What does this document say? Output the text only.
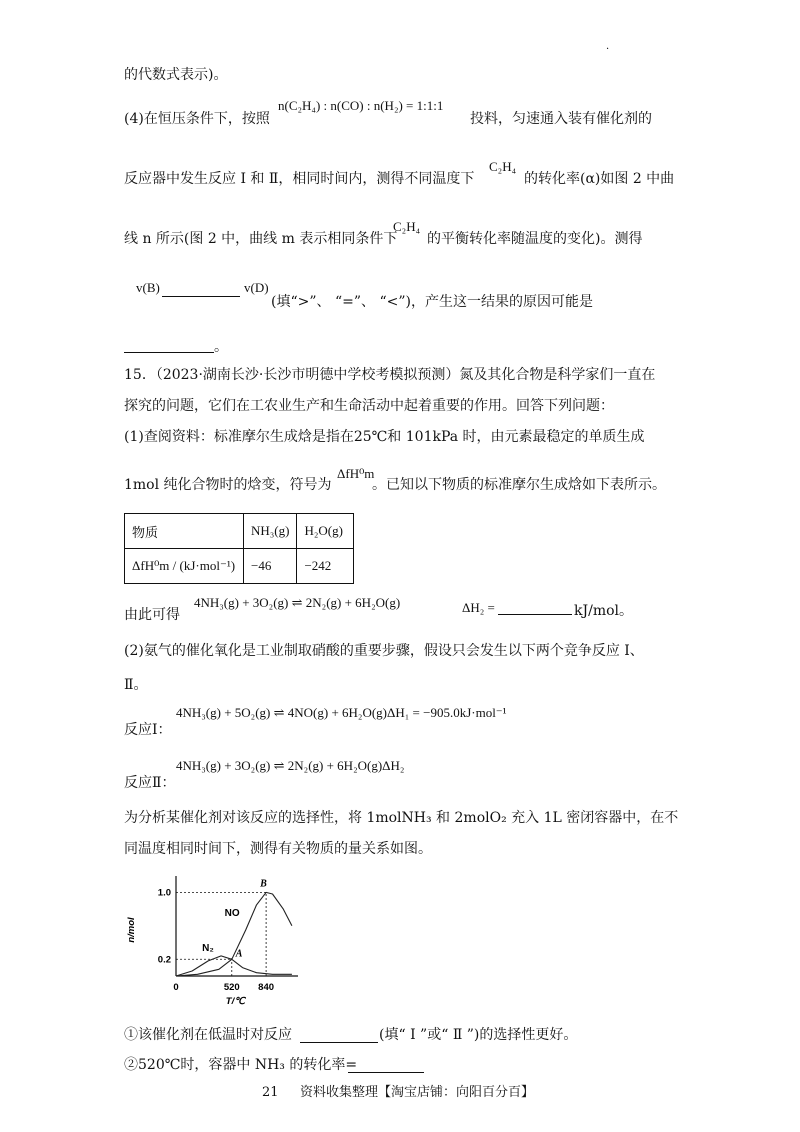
·
的代数式表示)。
(4)在恒压条件下，按照
n(C₂H₄) : n(CO) : n(H₂) = 1:1:1
投料，匀速通入装有催化剂的
反应器中发生反应 Ⅰ 和 Ⅱ，相同时间内，测得不同温度下
C₂H₄
的转化率(α)如图 2 中曲
线 n 所示(图 2 中，曲线 m 表示相同条件下
C₂H₄
的平衡转化率随温度的变化)。测得
v(B)	v(D)
(填“>”、 “=”、 “<”)，产生这一结果的原因可能是
。
15．（2023·湖南长沙·长沙市明德中学校考模拟预测）氮及其化合物是科学家们一直在
探究的问题，它们在工农业生产和生命活动中起着重要的作用。回答下列问题：
(1)查阅资料：标准摩尔生成焓是指在25℃和 101kPa 时，由元素最稳定的单质生成
1mol 纯化合物时的焓变，符号为
ΔfH⁰m
。已知以下物质的标准摩尔生成焓如下表所示。
物质	NH₃(g)	H₂O(g)
ΔfH⁰m / (kJ·mol⁻¹)	−46	−242
由此可得
4NH₃(g) + 3O₂(g) ⇌ 2N₂(g) + 6H₂O(g)	ΔH₂ =	kJ/mol。
(2)氨气的催化氧化是工业制取硝酸的重要步骤，假设只会发生以下两个竞争反应 Ⅰ、
Ⅱ。
4NH₃(g) + 5O₂(g) ⇌ 4NO(g) + 6H₂O(g)ΔH₁ = −905.0kJ·mol⁻¹
反应Ⅰ：
4NH₃(g) + 3O₂(g) ⇌ 2N₂(g) + 6H₂O(g)ΔH₂
反应Ⅱ：
为分析某催化剂对该反应的选择性，将 1molNH₃ 和 2molO₂ 充入 1L 密闭容器中，在不
同温度相同时间下，测得有关物质的量关系如图。
NO
N₂ A
B
0	520 840
0.2
1.0
T/℃
n/mol
①该催化剂在低温时对反应	(填“ Ⅰ ”或“ Ⅱ ”)的选择性更好。
②520℃时，容器中 NH₃ 的转化率=
21 资料收集整理【淘宝店铺：向阳百分百】
